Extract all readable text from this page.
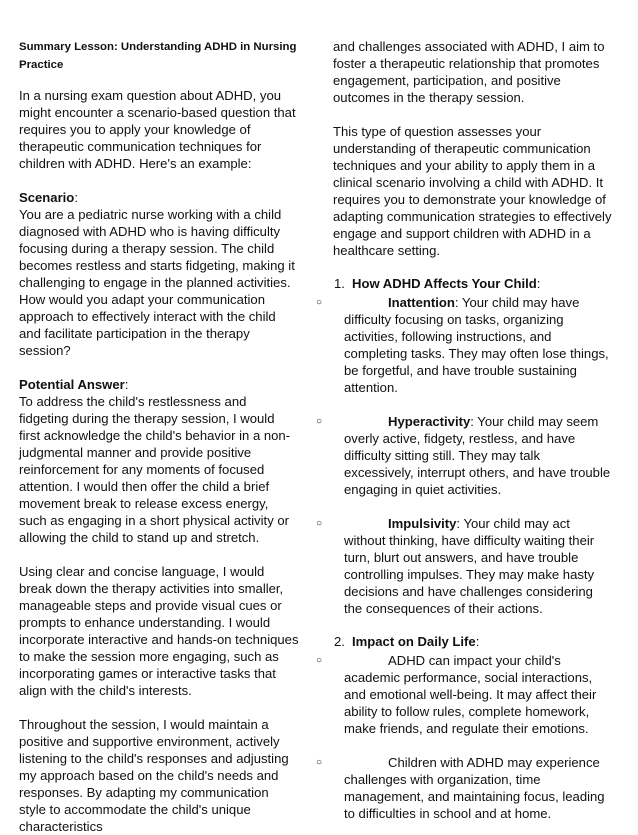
Summary Lesson: Understanding ADHD in Nursing Practice

In a nursing exam question about ADHD, you might encounter a scenario-based question that requires you to apply your knowledge of therapeutic communication techniques for children with ADHD. Here's an example:

Scenario:

You are a pediatric nurse working with a child diagnosed with ADHD who is having difficulty focusing during a therapy session. The child becomes restless and starts fidgeting, making it challenging to engage in the planned activities. How would you adapt your communication approach to effectively interact with the child and facilitate participation in the therapy session?

Potential Answer:

To address the child's restlessness and fidgeting during the therapy session, I would first acknowledge the child's behavior in a non-judgmental manner and provide positive reinforcement for any moments of focused attention. I would then offer the child a brief movement break to release excess energy, such as engaging in a short physical activity or allowing the child to stand up and stretch.

Using clear and concise language, I would break down the therapy activities into smaller, manageable steps and provide visual cues or prompts to enhance understanding. I would incorporate interactive and hands-on techniques to make the session more engaging, such as incorporating games or interactive tasks that align with the child's interests.

Throughout the session, I would maintain a positive and supportive environment, actively listening to the child's responses and adjusting my approach based on the child's needs and responses. By adapting my communication style to accommodate the child's unique characteristics

and challenges associated with ADHD, I aim to foster a therapeutic relationship that promotes engagement, participation, and positive outcomes in the therapy session.

This type of question assesses your understanding of therapeutic communication techniques and your ability to apply them in a clinical scenario involving a child with ADHD. It requires you to demonstrate your knowledge of adapting communication strategies to effectively engage and support children with ADHD in a healthcare setting.

1. How ADHD Affects Your Child:
○	Inattention: Your child may have difficulty focusing on tasks, organizing activities, following instructions, and completing tasks. They may often lose things, be forgetful, and have trouble sustaining attention.
○	Hyperactivity: Your child may seem overly active, fidgety, restless, and have difficulty sitting still. They may talk excessively, interrupt others, and have trouble engaging in quiet activities.
○	Impulsivity: Your child may act without thinking, have difficulty waiting their turn, blurt out answers, and have trouble controlling impulses. They may make hasty decisions and have challenges considering the consequences of their actions.
2. Impact on Daily Life:
○	ADHD can impact your child's academic performance, social interactions, and emotional well-being. It may affect their ability to follow rules, complete homework, make friends, and regulate their emotions.
○	Children with ADHD may experience challenges with organization, time management, and maintaining focus, leading to difficulties in school and at home.
